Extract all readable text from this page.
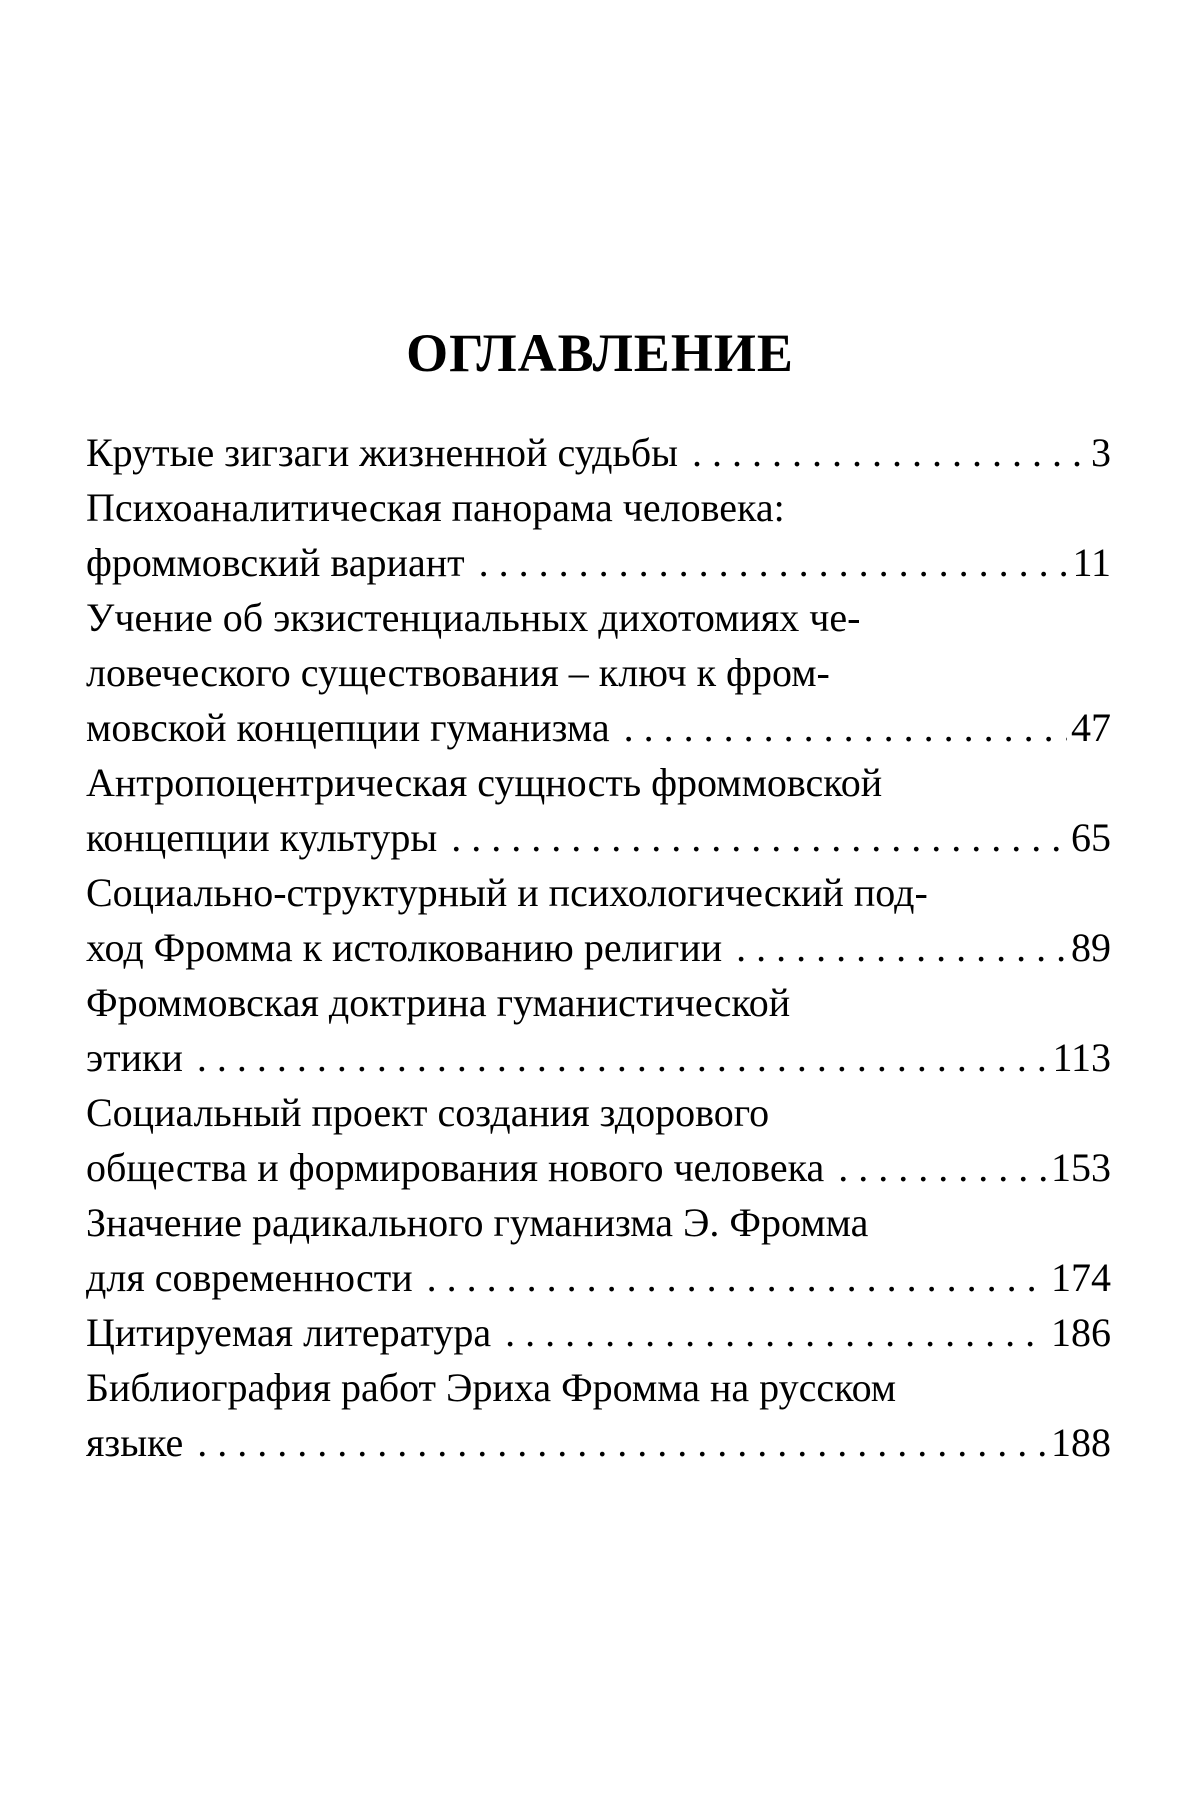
ОГЛАВЛЕНИЕ
Крутые зигзаги жизненной судьбы . . .	3
Психоаналитическая панорама человека:
фроммовский вариант . . .	11
Учение об экзистенциальных дихотомиях че-
ловеческого существования – ключ к фром-
мовской концепции гуманизма . . .	47
Антропоцентрическая сущность фроммовской
концепции культуры . . .	65
Социально-структурный и психологический под-
ход Фромма к истолкованию религии . . .	89
Фроммовская доктрина гуманистической
этики . . .	113
Социальный проект создания здорового
общества и формирования нового человека . . .	153
Значение радикального гуманизма Э. Фромма
для современности . . .	174
Цитируемая литература . . .	186
Библиография работ Эриха Фромма на русском
языке . . .	188
